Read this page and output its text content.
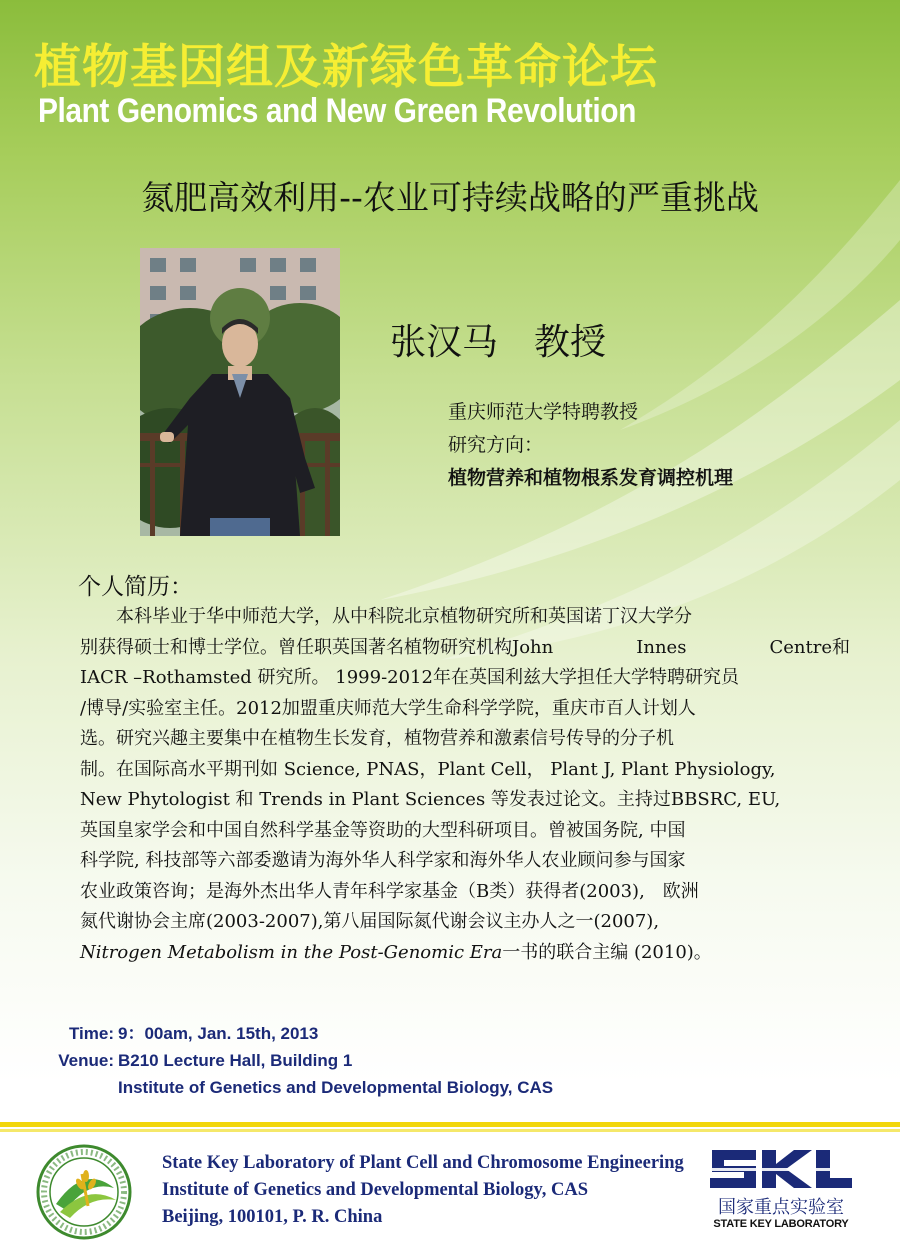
植物基因组及新绿色革命论坛
Plant Genomics and New Green Revolution
氮肥高效利用--农业可持续战略的严重挑战
张汉马　教授
重庆师范大学特聘教授
研究方向：
植物营养和植物根系发育调控机理
个人简历：
　　本科毕业于华中师范大学，从中科院北京植物研究所和英国诺丁汉大学分
别获得硕士和博士学位。曾任职英国著名植物研究机构John	Innes	Centre和
IACR –Rothamsted 研究所。 1999-2012年在英国利兹大学担任大学特聘研究员
/博导/实验室主任。2012加盟重庆师范大学生命科学学院，重庆市百人计划人
选。研究兴趣主要集中在植物生长发育，植物营养和激素信号传导的分子机
制。在国际高水平期刊如 Science, PNAS，Plant Cell， Plant J, Plant Physiology,
New Phytologist 和 Trends in Plant Sciences 等发表过论文。主持过BBSRC, EU,
英国皇家学会和中国自然科学基金等资助的大型科研项目。曾被国务院, 中国
科学院, 科技部等六部委邀请为海外华人科学家和海外华人农业顾问参与国家
农业政策咨询；是海外杰出华人青年科学家基金（B类）获得者(2003),　欧洲
氮代谢协会主席(2003-2007),第八届国际氮代谢会议主办人之一(2007),
Nitrogen Metabolism in the Post-Genomic Era一书的联合主编 (2010)。
Time: 9：00am, Jan. 15th, 2013
Venue: B210 Lecture Hall, Building 1
Institute of Genetics and Developmental Biology, CAS
State Key Laboratory of Plant Cell and Chromosome Engineering
Institute of Genetics and Developmental Biology, CAS
Beijing, 100101, P. R. China	国家重点实验室
STATE KEY LABORATORY
